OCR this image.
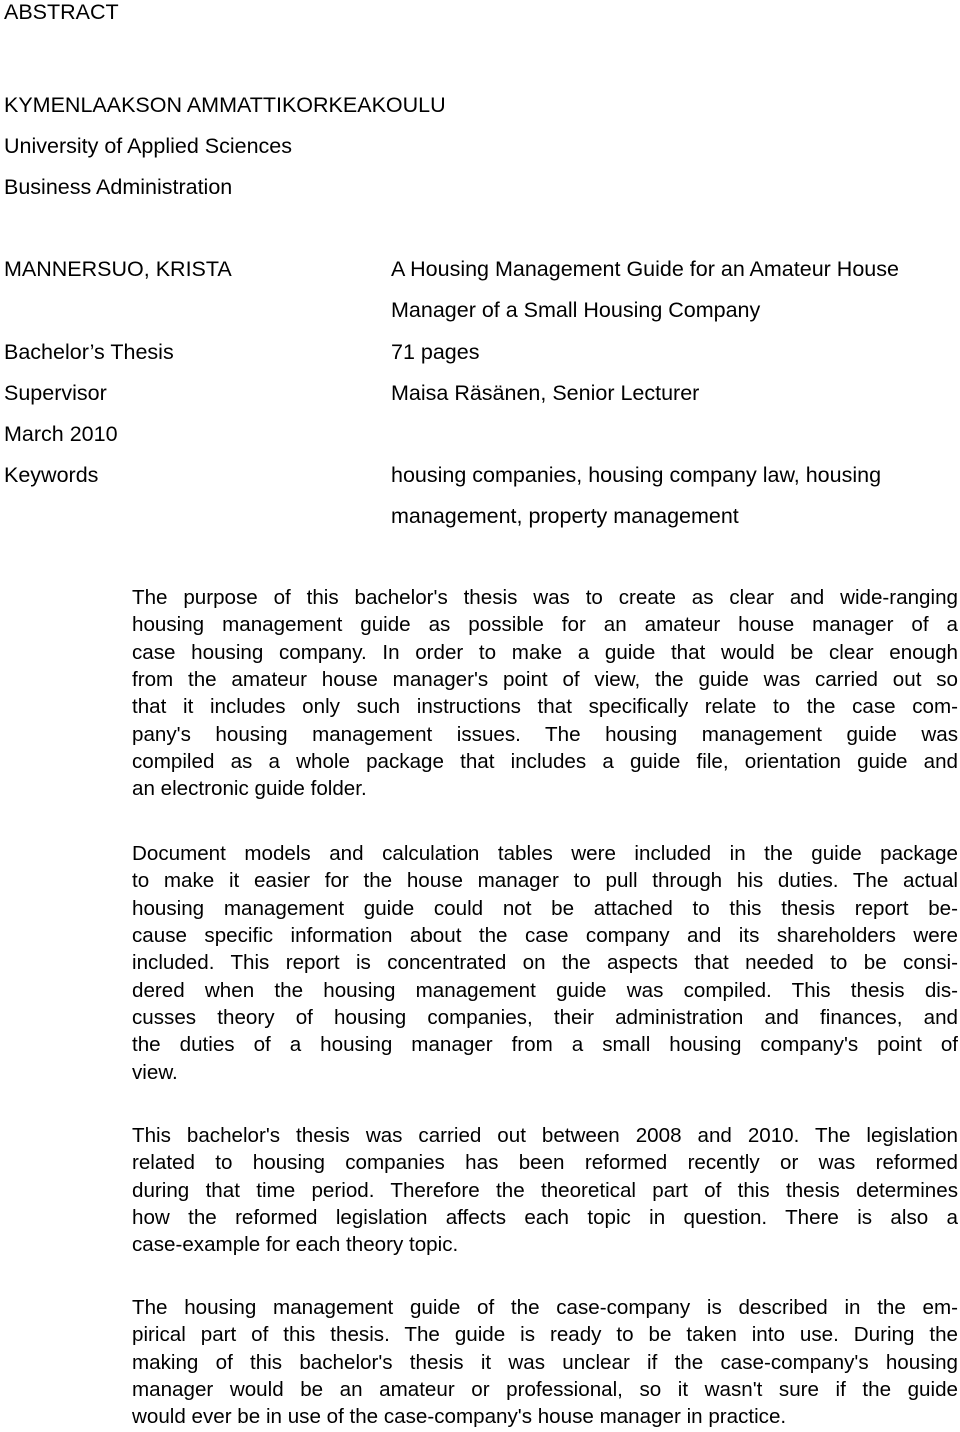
ABSTRACT
KYMENLAAKSON AMMATTIKORKEAKOULU
University of Applied Sciences
Business Administration
MANNERSUO, KRISTA	A Housing Management Guide for an Amateur House
Manager of a Small Housing Company
Bachelor’s Thesis	71 pages
Supervisor	Maisa Räsänen, Senior Lecturer
March 2010
Keywords	housing companies, housing company law, housing
management, property management
The purpose of this bachelor's thesis was to create as clear and wide-ranging
housing management guide as possible for an amateur house manager of a
case housing company. In order to make a guide that would be clear enough
from the amateur house manager's point of view, the guide was carried out so
that it includes only such instructions that specifically relate to the case com-
pany's housing management issues. The housing management guide was
compiled as a whole package that includes a guide file, orientation guide and
an electronic guide folder.
Document models and calculation tables were included in the guide package
to make it easier for the house manager to pull through his duties. The actual
housing management guide could not be attached to this thesis report be-
cause specific information about the case company and its shareholders were
included. This report is concentrated on the aspects that needed to be consi-
dered when the housing management guide was compiled. This thesis dis-
cusses theory of housing companies, their administration and finances, and
the duties of a housing manager from a small housing company's point of
view.
This bachelor's thesis was carried out between 2008 and 2010. The legislation
related to housing companies has been reformed recently or was reformed
during that time period. Therefore the theoretical part of this thesis determines
how the reformed legislation affects each topic in question. There is also a
case-example for each theory topic.
The housing management guide of the case-company is described in the em-
pirical part of this thesis. The guide is ready to be taken into use. During the
making of this bachelor's thesis it was unclear if the case-company's housing
manager would be an amateur or professional, so it wasn't sure if the guide
would ever be in use of the case-company's house manager in practice.
